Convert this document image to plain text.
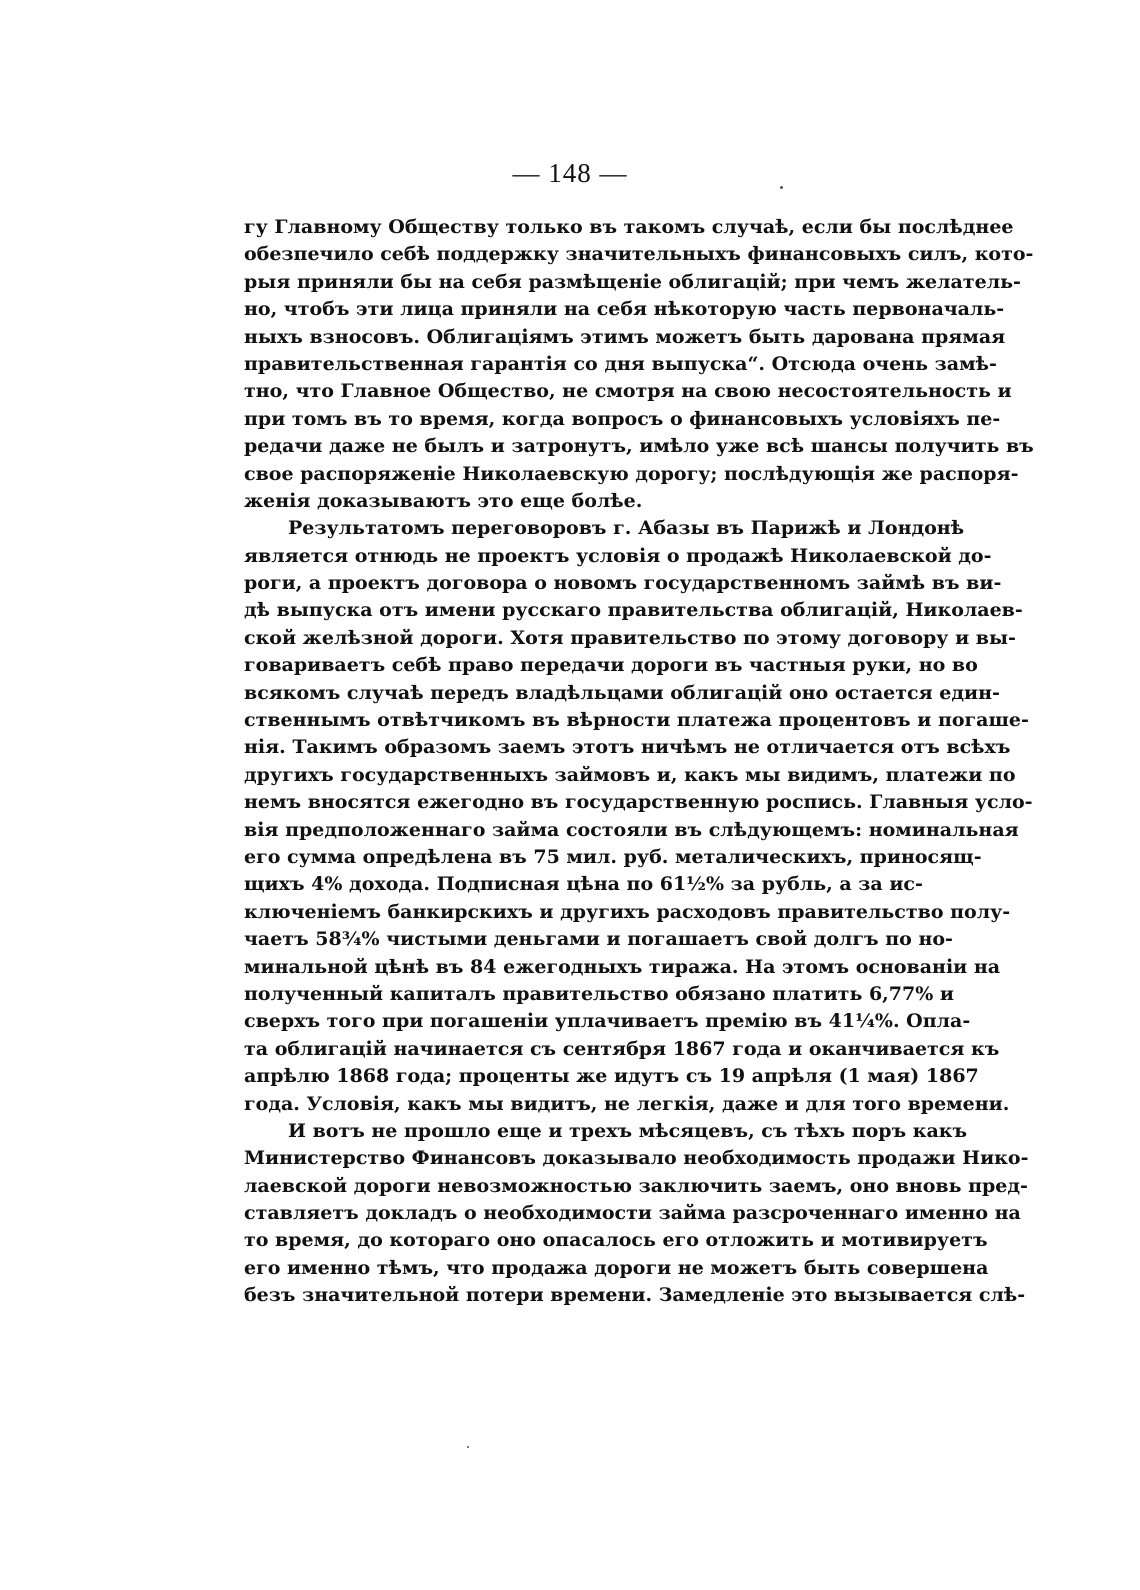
— 148 —
гу Главному Обществу только въ такомъ случаѣ, если бы послѣднее
обезпечило себѣ поддержку значительныхъ финансовыхъ силъ, кото-
рыя приняли бы на себя размѣщеніе облигацій; при чемъ желатель-
но, чтобъ эти лица приняли на себя нѣкоторую часть первоначаль-
ныхъ взносовъ. Облигаціямъ этимъ можетъ быть дарована прямая
правительственная гарантія со дня выпуска“. Отсюда очень замѣ-
тно, что Главное Общество, не смотря на свою несостоятельность и
при томъ въ то время, когда вопросъ о финансовыхъ условіяхъ пе-
редачи даже не былъ и затронутъ, имѣло уже всѣ шансы получить въ
свое распоряженіе Николаевскую дорогу; послѣдующія же распоря-
женія доказываютъ это еще болѣе.
Результатомъ переговоровъ г. Абазы въ Парижѣ и Лондонѣ
является отнюдь не проектъ условія о продажѣ Николаевской до-
роги, а проектъ договора о новомъ государственномъ займѣ въ ви-
дѣ выпуска отъ имени русскаго правительства облигацій, Николаев-
ской желѣзной дороги. Хотя правительство по этому договору и вы-
говариваетъ себѣ право передачи дороги въ частныя руки, но во
всякомъ случаѣ передъ владѣльцами облигацій оно остается един-
ственнымъ отвѣтчикомъ въ вѣрности платежа процентовъ и погаше-
нія. Такимъ образомъ заемъ этотъ ничѣмъ не отличается отъ всѣхъ
другихъ государственныхъ займовъ и, какъ мы видимъ, платежи по
немъ вносятся ежегодно въ государственную роспись. Главныя усло-
вія предположеннаго займа состояли въ слѣдующемъ: номинальная
его сумма опредѣлена въ 75 мил. руб. металическихъ, приносящ-
щихъ 4% дохода. Подписная цѣна по 61½% за рубль, а за ис-
ключеніемъ банкирскихъ и другихъ расходовъ правительство полу-
чаетъ 58¾% чистыми деньгами и погашаетъ свой долгъ по но-
минальной цѣнѣ въ 84 ежегодныхъ тиража. На этомъ основаніи на
полученный капиталъ правительство обязано платить 6,77% и
сверхъ того при погашеніи уплачиваетъ премію въ 41¼%. Опла-
та облигацій начинается съ сентября 1867 года и оканчивается къ
апрѣлю 1868 года; проценты же идутъ съ 19 апрѣля (1 мая) 1867
года. Условія, какъ мы видитъ, не легкія, даже и для того времени.
И вотъ не прошло еще и трехъ мѣсяцевъ, съ тѣхъ поръ какъ
Министерство Финансовъ доказывало необходимость продажи Нико-
лаевской дороги невозможностью заключить заемъ, оно вновь пред-
ставляетъ докладъ о необходимости займа разсроченнаго именно на
то время, до котораго оно опасалось его отложить и мотивируетъ
его именно тѣмъ, что продажа дороги не можетъ быть совершена
безъ значительной потери времени. Замедленіе это вызывается слѣ-
